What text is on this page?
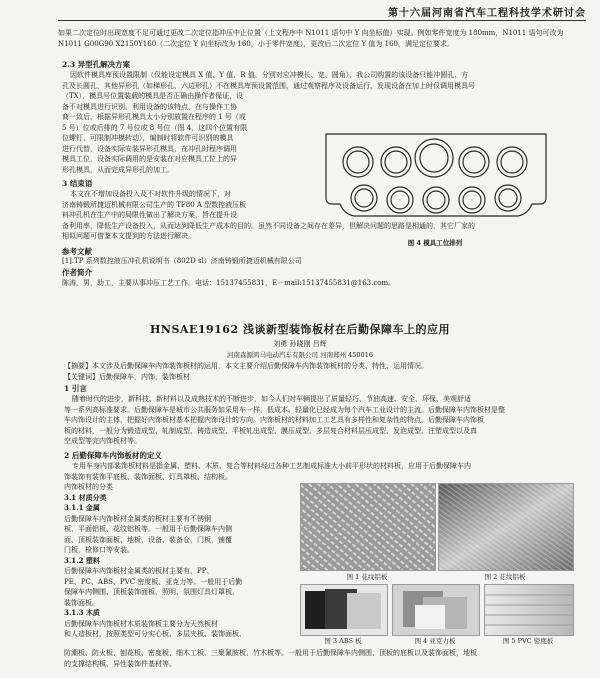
第十六届河南省汽车工程科技学术研讨会
如果二次定位时出现宽度不足可通过更改二次定位指冲压中止位置（上文程序中 N1011 语句中 Y 向坐标值）实现。例如零件宽度为 180mm，N1011 语句可改为 N1011 G00G90 X2150Y160（二次定位 Y 向坐标改为 160，小于零件宽度），更改后二次定位 Y 值为 160，满足定位要求。
2.3 异型孔解决方案
因软件模具库预设置限制（仅能设定模具 X 值、Y 值、R 值，分别对应冲模长、宽、圆角），我公司购置的该设备只能冲圆孔、方
孔及长圆孔，其他异形孔（如梯形孔、六边形孔）不在模具库预设置范围，通过观察程序及设备运行，发现设备在加上时仅调用模具号
（TX），模具号位置装载的模具是否正确由操作者保证，设
备不对模具进行识别。利用设备的该特点，在与操作工协
商一致后，根据异形孔模具大小分别放置在程序的 1 号（或
5 号）位或后排的 7 号位或 8 号位（图 4，这四个位置有限
位螺钉，可限制冲模转动），编制时将软件可识别的模具
进行代替，设备实际安装异形孔模具，在冲孔时程序调用
模具工位，设备实际调用的是安装在对应模具工位上的异
形孔模具，从而完成异形孔的加工。
3 结束语
本文在不增加设备投入及不对软件升级的情况下，对
济南铸锻所捷迈机械有限公司生产的 TF80 A 型数控液压板
料冲孔机在生产中的局限性做出了解决方案，旨在提升设
备利用率，降低生产设备投入，从而达到降低生产成本的目的。虽然不同设备之间存在差异，但解决问题的思路是相通的，其它厂家的
相似问题可借鉴本文提到的方法进行解决。
参考文献
[1].TP 系列数控液压冲孔机说明书（802D sl）济南铸锻所捷迈机械有限公司
作者简介
陈涛，男，助工，主要从事冲压工艺工作。电话：15137455831，E－mail:15137455831@163.com。
图 4 模具工位排列
HNSAE19162 浅谈新型装饰板材在后勤保障车上的应用
刘勇 孙晓刚 吕辉
河南森源鸿马电动汽车有限公司 河南郑州 450016
【摘要】本文涉及后勤保障车内饰装饰板材的运用，本文主要介绍后勤保障车内饰装饰板材的分类、特性、运用情况。
【关键词】后勤保障车，内饰，装饰板材
1 引言
随着时代的进步，新科技、新材料以及成熟技术的不断进步，如今人们对车辆提出了质量轻巧、节油高速、安全、环保、美观舒适
等一系列高标准要求。后勤保障车是城市公共服务如采用车一样，低成本、轻量化已经成为每个汽车工业设计的主流。后勤保障车内饰板材是整
车内饰设计的主体，把握好内饰板材基本把握内饰设计的方向。内饰板材的材料加工工艺具有多样性和复杂性的特点。后勤保障车内饰板
板的材料，一般分为锻造成型、轧制成型、铸造成型、平板轧出成型、膜压成型、多层复合材料层压成型、发泡成型、注塑成型以及真
空成型等完内饰板材等。
2 后勤保障车内饰板材的定义
专用车身内部装饰板材料是指金属、塑料、木质、复合等材料经过各种工艺制成标准大小前平形状的材料板，应用于后勤保障车内
饰装饰有装饰平底板、装饰面板、灯具罩板、结构板。
内饰板材的分类
3.1 材质分类
3.1.1 金属
后勤保障车内饰板材金属类的板材主要有不锈钢
板、平面铝板、花纹铝板等。一般用于后勤保障车内侧
面、顶板装饰面板、地板，设备、装备仓，门板，铺覆
门板，检修口等安装。
3.1.2 塑料
后勤保障车内饰板材金属类的板材主要有，PP、
PE、PC、ABS、PVC 密度板、亚克力等。一般用于后勤
保障车内侧围、顶板装饰面板，照明、氛围灯具灯罩板，
装饰面板。
3.1.3 木质
后勤保障车内饰板材木质装饰板主要分为天然板材
和人造板材，按照类型可分实心板、多层夹板、装饰面板、
防潮板、防火板、刨花板、密度板、细木工板、三聚氰胺板、竹木板等。一般用于后勤保障车内侧围、顶板的底板以及装饰面板，地板
的支撑结构板、异性装饰件基材等。
图 1 花纹铝板	图 2 花纹铝板
图 3 ABS 板	图 4 亚克力板	图 5 PVC 密度板
